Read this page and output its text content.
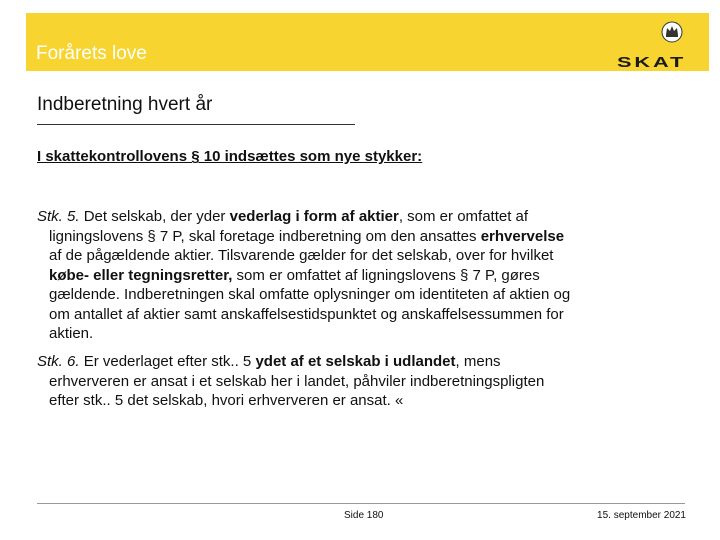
Forårets love	SKAT
Indberetning hvert år
I skattekontrollovens § 10 indsættes som nye stykker:
Stk. 5. Det selskab, der yder vederlag i form af aktier, som er omfattet af
ligningslovens § 7 P, skal foretage indberetning om den ansattes erhvervelse
af de pågældende aktier. Tilsvarende gælder for det selskab, over for hvilket
købe- eller tegningsretter, som er omfattet af ligningslovens § 7 P, gøres
gældende. Indberetningen skal omfatte oplysninger om identiteten af aktien og
om antallet af aktier samt anskaffelsestidspunktet og anskaffelsessummen for
aktien.
Stk. 6. Er vederlaget efter stk.. 5 ydet af et selskab i udlandet, mens
erhververen er ansat i et selskab her i landet, påhviler indberetningspligten
efter stk.. 5 det selskab, hvori erhververen er ansat. «
Side 180	15. september 2021
